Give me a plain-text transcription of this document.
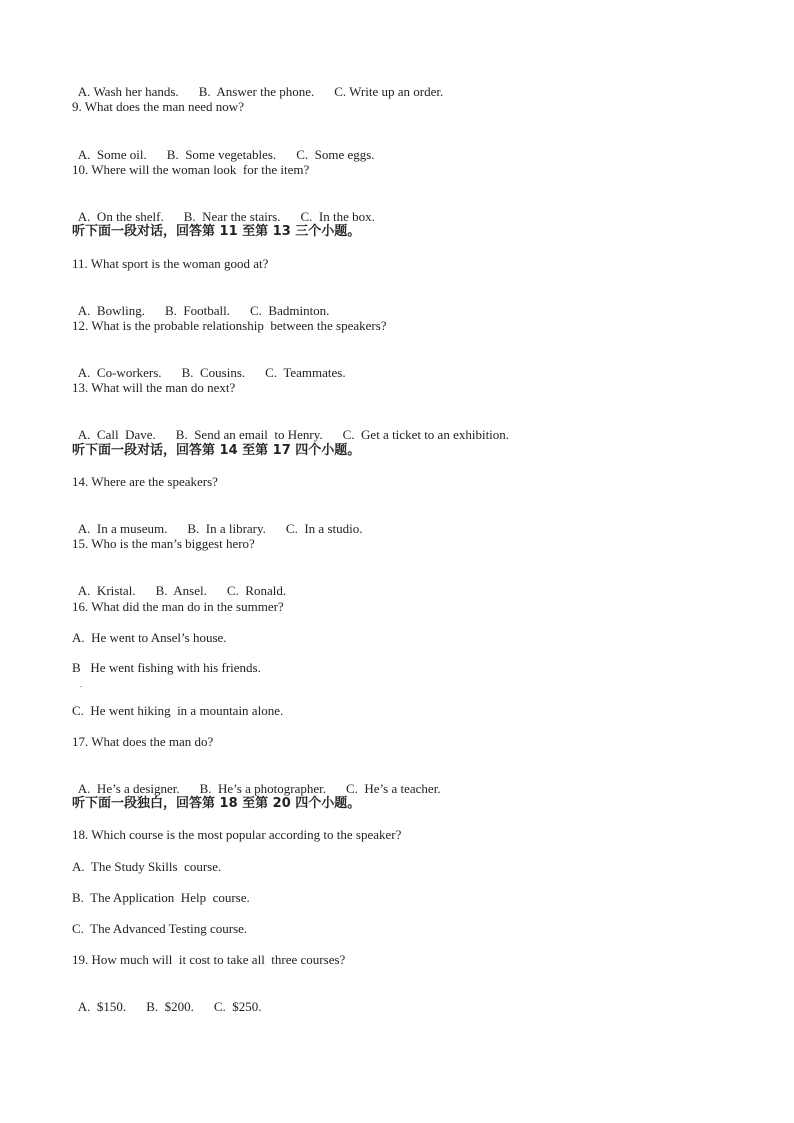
A. Wash her hands. B.  Answer the phone. C. Write up an order.

9. What does the man need now?

A.  Some oil. B.  Some vegetables. C.  Some eggs.

10. Where will the woman look  for the item?

A.  On the shelf. B.  Near the stairs. C.  In the box.

听下面一段对话，回答第 11 至第 13 三个小题。
11. What sport is the woman good at?

A.  Bowling. B.  Football. C.  Badminton.

12. What is the probable relationship  between the speakers?

A.  Co-workers. B.  Cousins. C.  Teammates.

13. What will the man do next?

A.  Call  Dave. B.  Send an email  to Henry. C.  Get a ticket to an exhibition.

听下面一段对话，回答第 14 至第 17 四个小题。
14. Where are the speakers?

A.  In a museum. B.  In a library. C.  In a studio.

15. Who is the man’s biggest hero?

A.  Kristal. B.  Ansel. C.  Ronald.

16. What did the man do in the summer?
A.  He went to Ansel’s house.
B   He went fishing with his friends.
.
C.  He went hiking  in a mountain alone.
17. What does the man do?

A.  He’s a designer. B.  He’s a photographer. C.  He’s a teacher.

听下面一段独白，回答第 18 至第 20 四个小题。
18. Which course is the most popular according to the speaker?
A.  The Study Skills  course.
B.  The Application  Help  course.
C.  The Advanced Testing course.
19. How much will  it cost to take all  three courses?

A.  $150. B.  $200. C.  $250.
